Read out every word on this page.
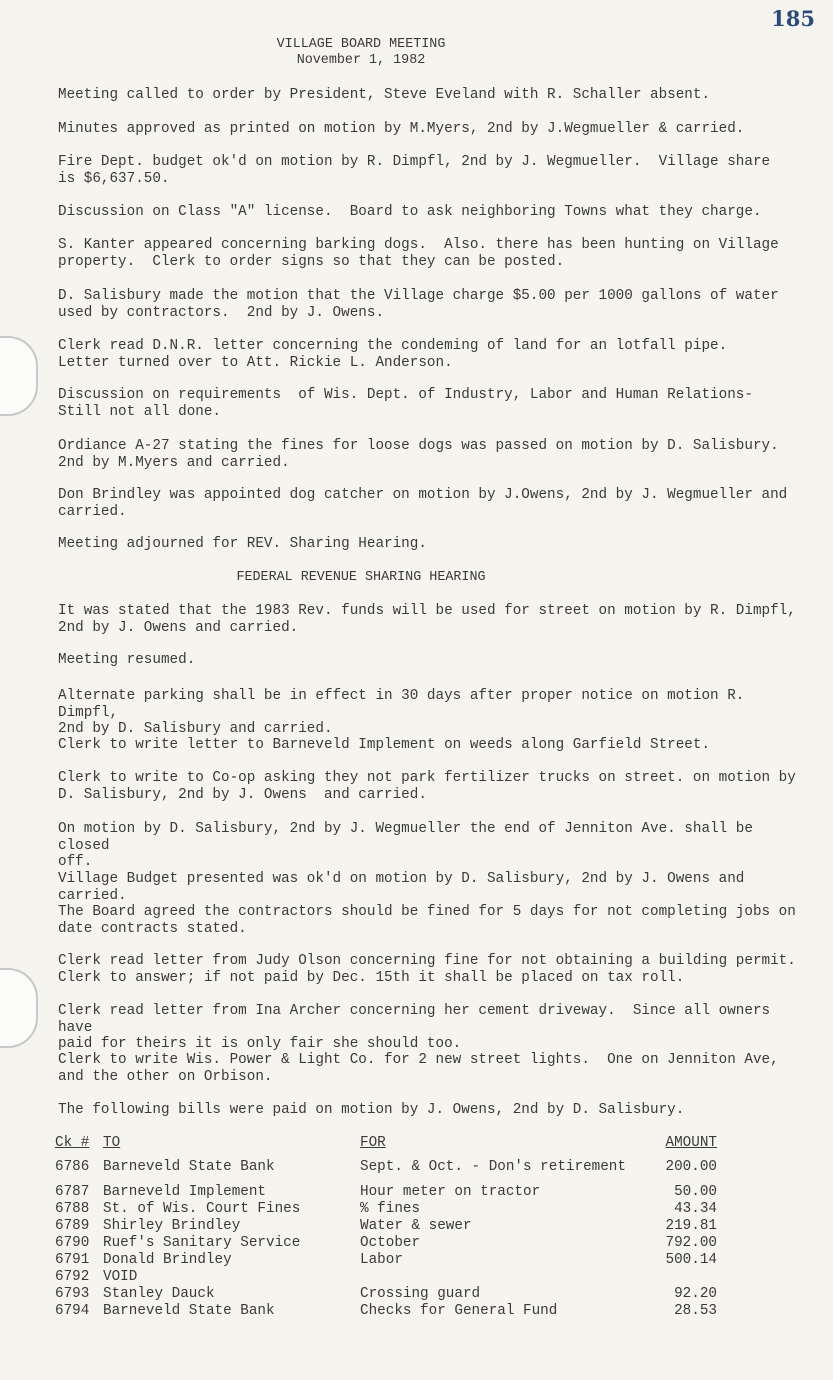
185
VILLAGE BOARD MEETING
November 1, 1982
Meeting called to order by President, Steve Eveland with R. Schaller absent.
Minutes approved as printed on motion by M.Myers, 2nd by J.Wegmueller & carried.
Fire Dept. budget ok'd on motion by R. Dimpfl, 2nd by J. Wegmueller.  Village share
is $6,637.50.
Discussion on Class "A" license.  Board to ask neighboring Towns what they charge.
S. Kanter appeared concerning barking dogs.  Also. there has been hunting on Village
property.  Clerk to order signs so that they can be posted.
D. Salisbury made the motion that the Village charge $5.00 per 1000 gallons of water
used by contractors.  2nd by J. Owens.
Clerk read D.N.R. letter concerning the condeming of land for an lotfall pipe.
Letter turned over to Att. Rickie L. Anderson.
Discussion on requirements  of Wis. Dept. of Industry, Labor and Human Relations-
Still not all done.
Ordiance A-27 stating the fines for loose dogs was passed on motion by D. Salisbury.
2nd by M.Myers and carried.
Don Brindley was appointed dog catcher on motion by J.Owens, 2nd by J. Wegmueller and
carried.
Meeting adjourned for REV. Sharing Hearing.
FEDERAL REVENUE SHARING HEARING
It was stated that the 1983 Rev. funds will be used for street on motion by R. Dimpfl,
2nd by J. Owens and carried.
Meeting resumed.
Alternate parking shall be in effect in 30 days after proper notice on motion R. Dimpfl,
2nd by D. Salisbury and carried.
Clerk to write letter to Barneveld Implement on weeds along Garfield Street.
Clerk to write to Co-op asking they not park fertilizer trucks on street. on motion by
D. Salisbury, 2nd by J. Owens  and carried.
On motion by D. Salisbury, 2nd by J. Wegmueller the end of Jenniton Ave. shall be closed
off.
Village Budget presented was ok'd on motion by D. Salisbury, 2nd by J. Owens and carried.
The Board agreed the contractors should be fined for 5 days for not completing jobs on
date contracts stated.
Clerk read letter from Judy Olson concerning fine for not obtaining a building permit.
Clerk to answer; if not paid by Dec. 15th it shall be placed on tax roll.
Clerk read letter from Ina Archer concerning her cement driveway.  Since all owners have
paid for theirs it is only fair she should too.
Clerk to write Wis. Power & Light Co. for 2 new street lights.  One on Jenniton Ave,
and the other on Orbison.
The following bills were paid on motion by J. Owens, 2nd by D. Salisbury.
Ck # TO	FOR	AMOUNT
6786 Barneveld State Bank	Sept. & Oct. - Don's retirement	200.00
6787 Barneveld Implement	Hour meter on tractor	50.00
6788 St. of Wis. Court Fines	% fines	43.34
6789 Shirley Brindley	Water & sewer	219.81
6790 Ruef's Sanitary Service	October	792.00
6791 Donald Brindley	Labor	500.14
6792 VOID
6793 Stanley Dauck	Crossing guard	92.20
6794 Barneveld State Bank	Checks for General Fund	28.53
